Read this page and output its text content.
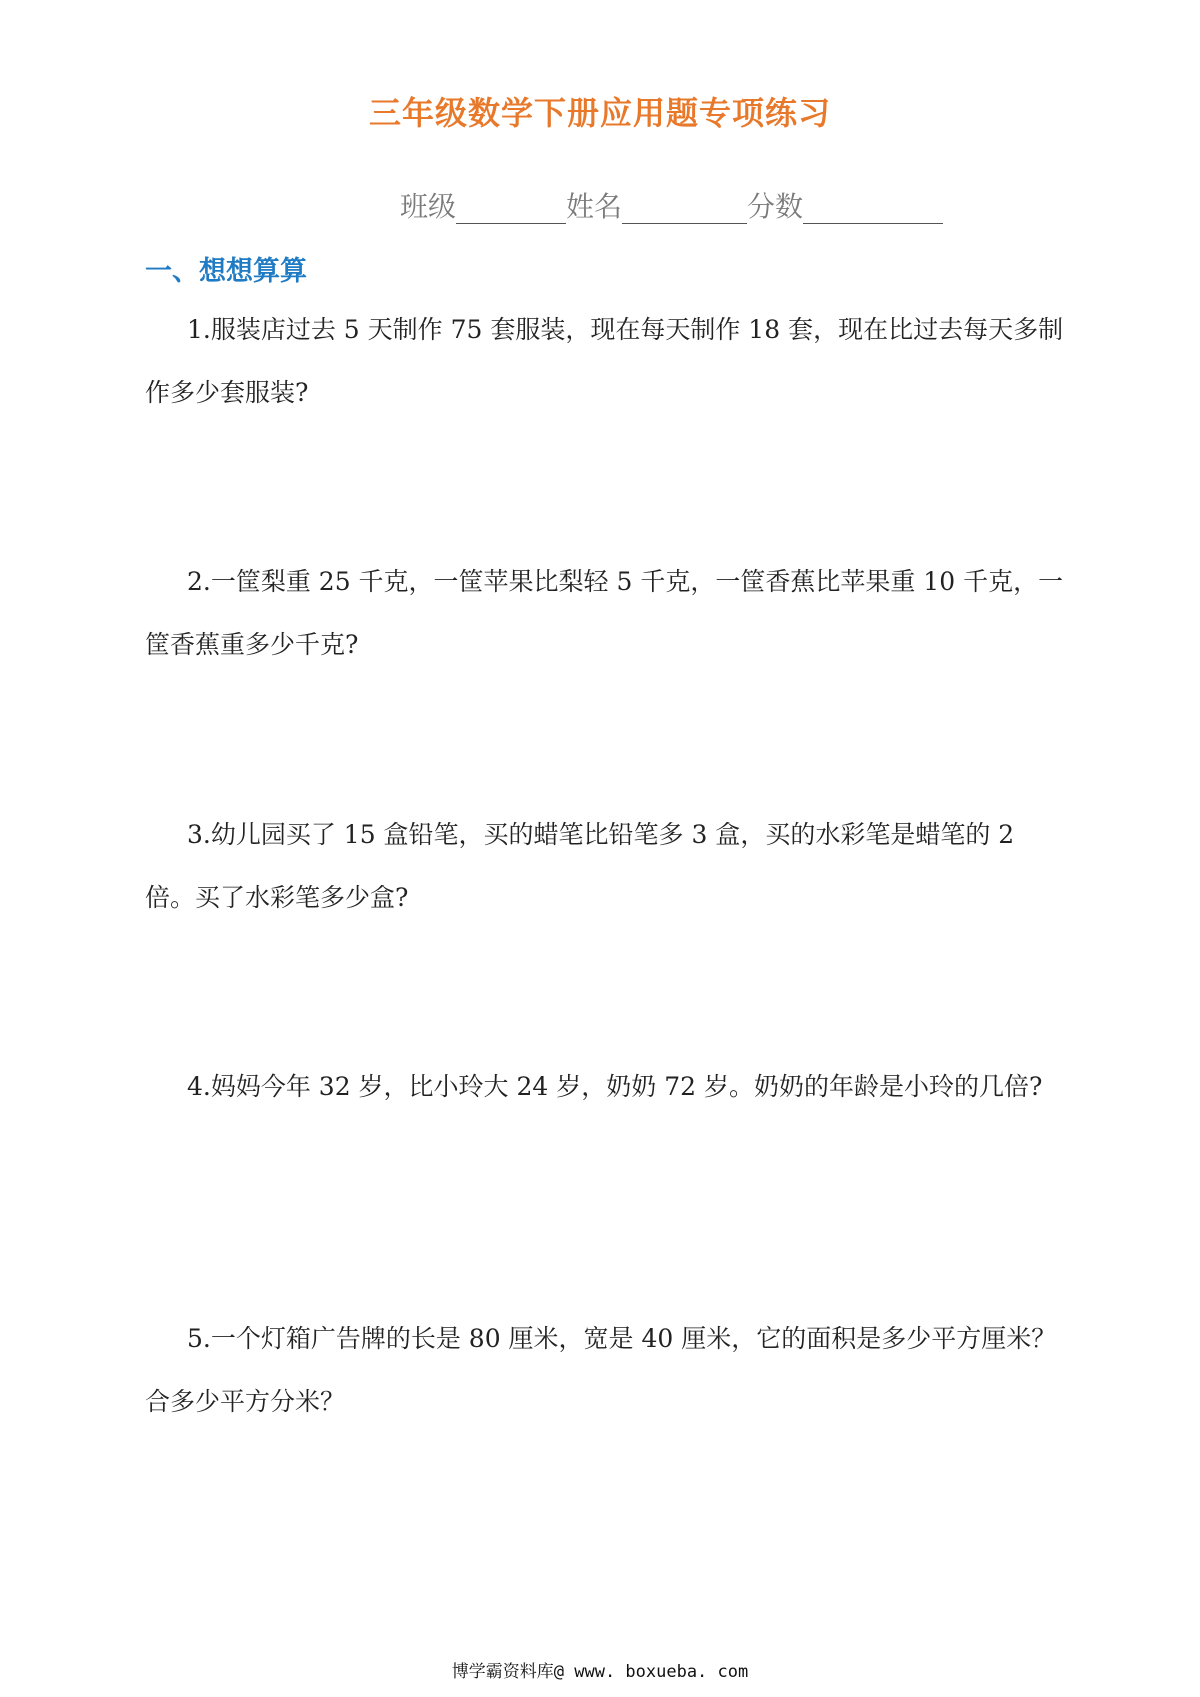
三年级数学下册应用题专项练习
班级	姓名	分数
一、想想算算

1.服装店过去 5 天制作 75 套服装，现在每天制作 18 套，现在比过去每天多制作多少套服装?

2.一筐梨重 25 千克，一筐苹果比梨轻 5 千克，一筐香蕉比苹果重 10 千克，一筐香蕉重多少千克?

3.幼儿园买了 15 盒铅笔，买的蜡笔比铅笔多 3 盒，买的水彩笔是蜡笔的 2 倍。买了水彩笔多少盒?

4.妈妈今年 32 岁，比小玲大 24 岁，奶奶 72 岁。奶奶的年龄是小玲的几倍?

5.一个灯箱广告牌的长是 80 厘米，宽是 40 厘米，它的面积是多少平方厘米？合多少平方分米？

博学霸资料库@ www. boxueba. com
